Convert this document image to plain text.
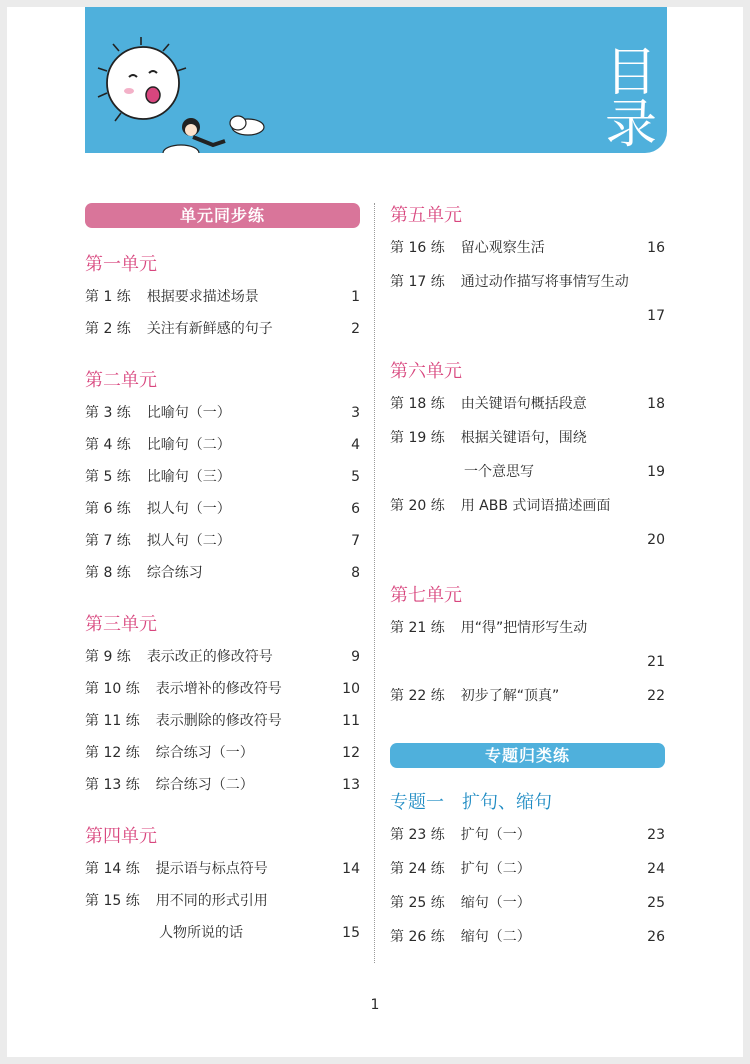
目
录
单元同步练
第一单元
第 1 练 根据要求描述场景	1
第 2 练 关注有新鲜感的句子	2
第二单元
第 3 练 比喻句（一）	3
第 4 练 比喻句（二）	4
第 5 练 比喻句（三）	5
第 6 练 拟人句（一）	6
第 7 练 拟人句（二）	7
第 8 练 综合练习	8
第三单元
第 9 练 表示改正的修改符号	9
第 10 练 表示增补的修改符号	10
第 11 练 表示删除的修改符号	11
第 12 练 综合练习（一）	12
第 13 练 综合练习（二）	13
第四单元
第 14 练 提示语与标点符号	14
第 15 练 用不同的形式引用
人物所说的话	15
第五单元
第 16 练 留心观察生活	16
第 17 练 通过动作描写将事情写生动
17
第六单元
第 18 练 由关键语句概括段意	18
第 19 练 根据关键语句，围绕
一个意思写	19
第 20 练 用 ABB 式词语描述画面
20
第七单元
第 21 练 用“得”把情形写生动
21
第 22 练 初步了解“顶真”	22
专题归类练
专题一　扩句、缩句
第 23 练 扩句（一）	23
第 24 练 扩句（二）	24
第 25 练 缩句（一）	25
第 26 练 缩句（二）	26
1
